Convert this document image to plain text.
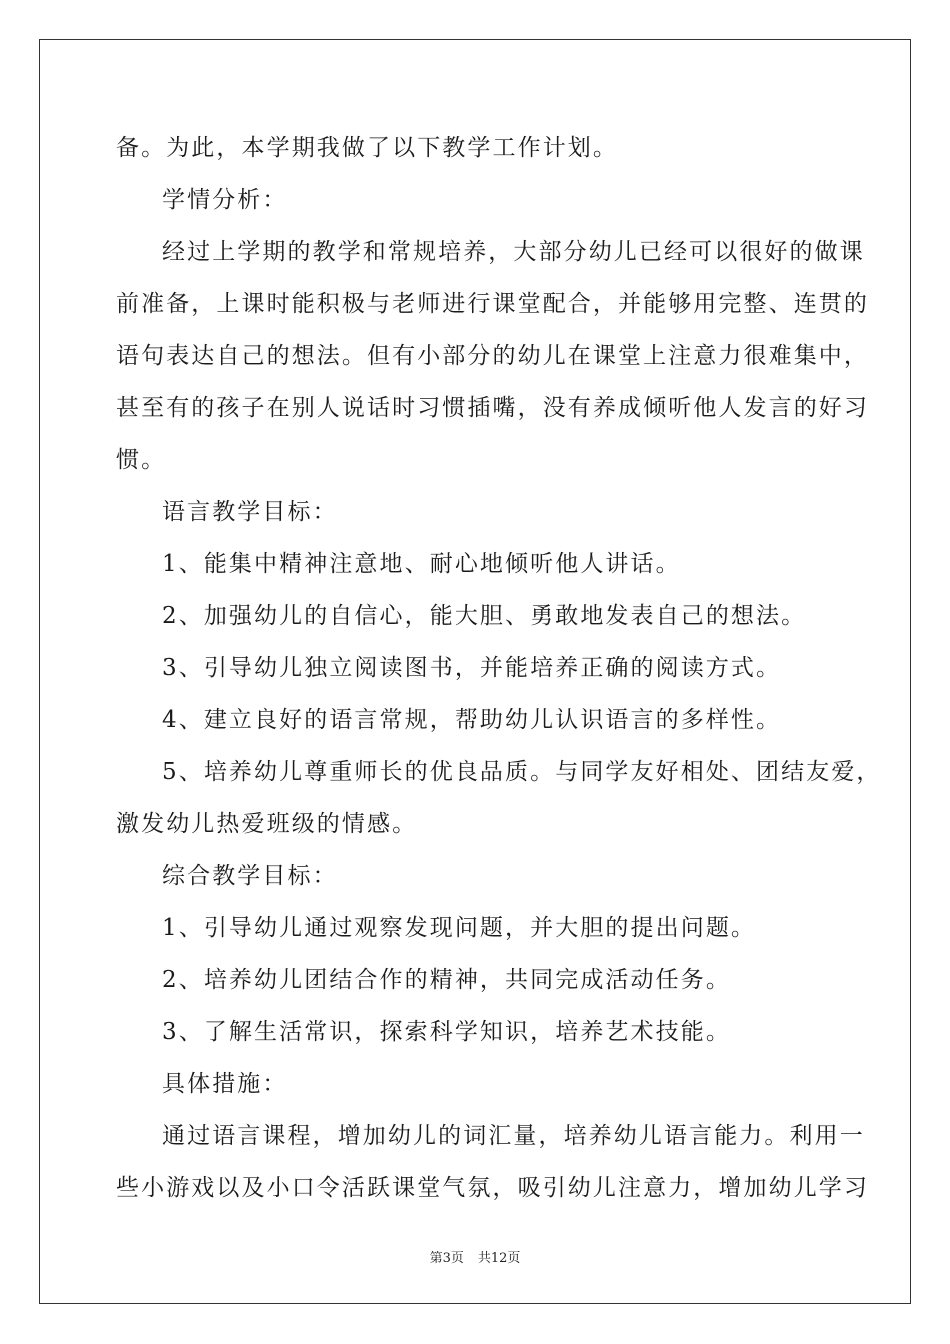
备。为此，本学期我做了以下教学工作计划。
学情分析：
经过上学期的教学和常规培养，大部分幼儿已经可以很好的做课
前准备，上课时能积极与老师进行课堂配合，并能够用完整、连贯的
语句表达自己的想法。但有小部分的幼儿在课堂上注意力很难集中，
甚至有的孩子在别人说话时习惯插嘴，没有养成倾听他人发言的好习
惯。
语言教学目标：
1、能集中精神注意地、耐心地倾听他人讲话。
2、加强幼儿的自信心，能大胆、勇敢地发表自己的想法。
3、引导幼儿独立阅读图书，并能培养正确的阅读方式。
4、建立良好的语言常规，帮助幼儿认识语言的多样性。
5、培养幼儿尊重师长的优良品质。与同学友好相处、团结友爱，
激发幼儿热爱班级的情感。
综合教学目标：
1、引导幼儿通过观察发现问题，并大胆的提出问题。
2、培养幼儿团结合作的精神，共同完成活动任务。
3、了解生活常识，探索科学知识，培养艺术技能。
具体措施：
通过语言课程，增加幼儿的词汇量，培养幼儿语言能力。利用一
些小游戏以及小口令活跃课堂气氛，吸引幼儿注意力，增加幼儿学习
第3页 共12页
